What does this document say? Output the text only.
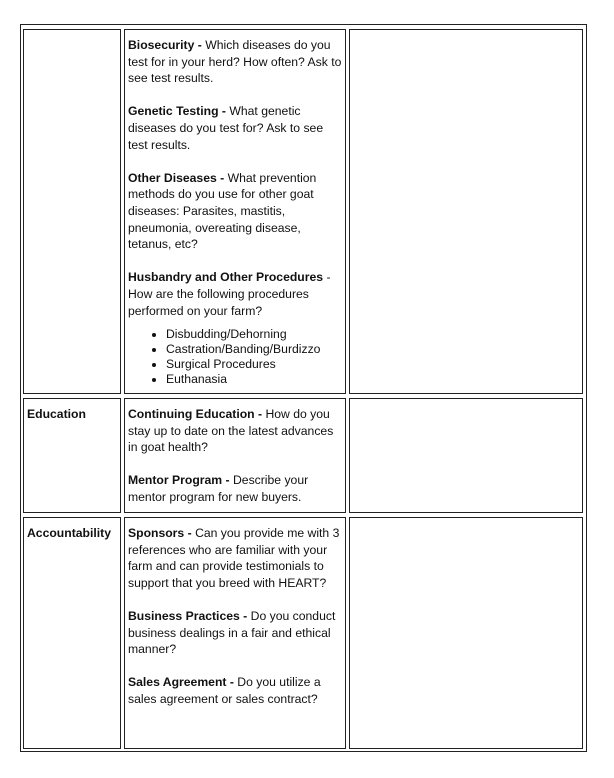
Biosecurity - Which diseases do you test for in your herd? How often? Ask to see test results.
Genetic Testing - What genetic diseases do you test for? Ask to see test results.
Other Diseases - What prevention methods do you use for other goat diseases: Parasites, mastitis, pneumonia, overeating disease, tetanus, etc?
Husbandry and Other Procedures - How are the following procedures performed on your farm?
• Disbudding/Dehorning
• Castration/Banding/Burdizzo
• Surgical Procedures
• Euthanasia
Education	Continuing Education - How do you stay up to date on the latest advances in goat health?
Mentor Program - Describe your mentor program for new buyers.
Accountability	Sponsors - Can you provide me with 3 references who are familiar with your farm and can provide testimonials to support that you breed with HEART?
Business Practices - Do you conduct business dealings in a fair and ethical manner?
Sales Agreement - Do you utilize a sales agreement or sales contract?
